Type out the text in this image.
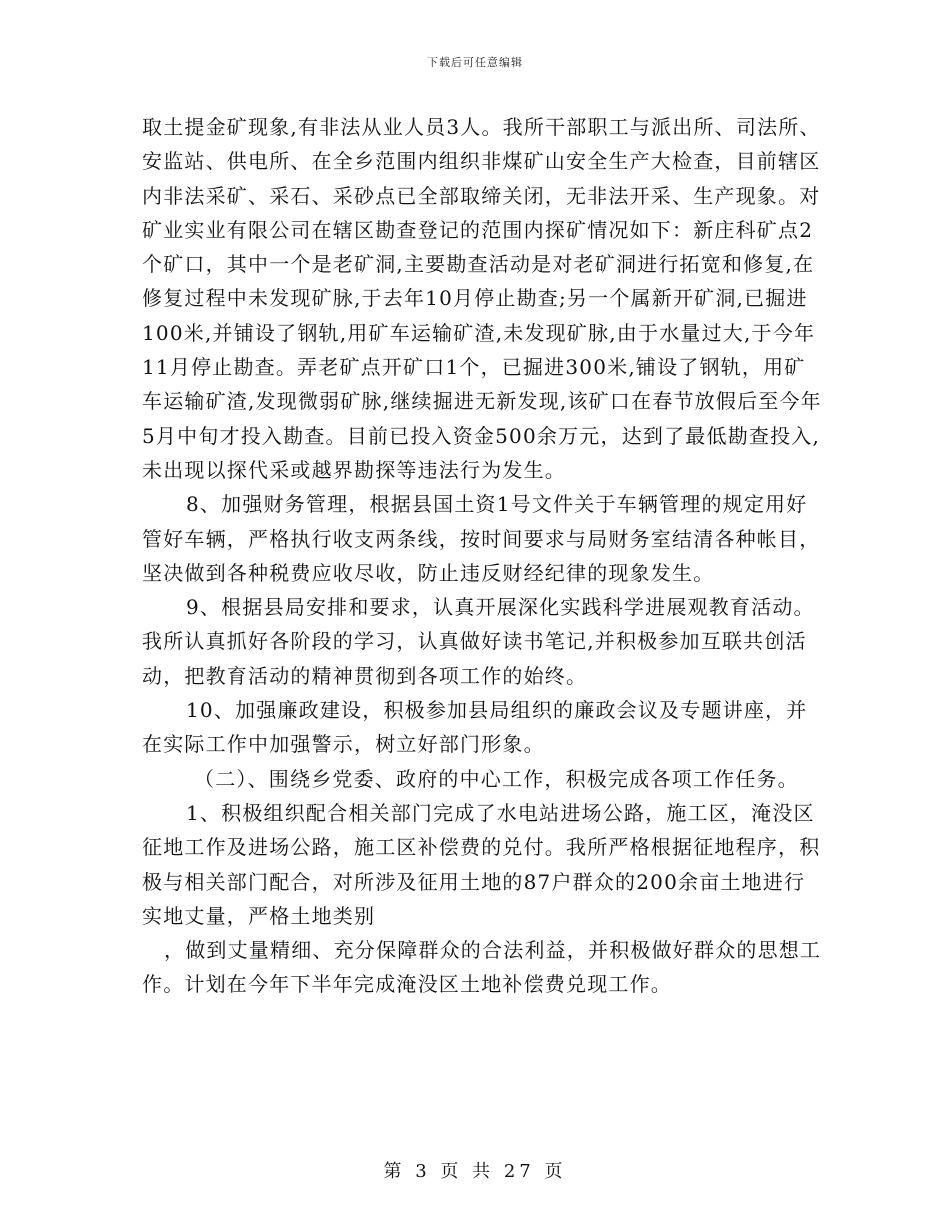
下载后可任意编辑

取土提金矿现象,有非法从业人员3人。我所干部职工与派出所、司法所、安监站、供电所、在全乡范围内组织非煤矿山安全生产大检查，目前辖区内非法采矿、采石、采砂点已全部取缔关闭，无非法开采、生产现象。对矿业实业有限公司在辖区勘查登记的范围内探矿情况如下：新庄科矿点2个矿口，其中一个是老矿洞,主要勘查活动是对老矿洞进行拓宽和修复,在修复过程中未发现矿脉,于去年10月停止勘查;另一个属新开矿洞,已掘进100米,并铺设了钢轨,用矿车运输矿渣,未发现矿脉,由于水量过大,于今年11月停止勘查。弄老矿点开矿口1个，已掘进300米,铺设了钢轨，用矿车运输矿渣,发现微弱矿脉,继续掘进无新发现,该矿口在春节放假后至今年5月中旬才投入勘查。目前已投入资金500余万元，达到了最低勘查投入,未出现以探代采或越界勘探等违法行为发生。

8、加强财务管理，根据县国土资1号文件关于车辆管理的规定用好管好车辆，严格执行收支两条线，按时间要求与局财务室结清各种帐目，坚决做到各种税费应收尽收，防止违反财经纪律的现象发生。

9、根据县局安排和要求，认真开展深化实践科学进展观教育活动。我所认真抓好各阶段的学习，认真做好读书笔记,并积极参加互联共创活动，把教育活动的精神贯彻到各项工作的始终。

10、加强廉政建设，积极参加县局组织的廉政会议及专题讲座，并在实际工作中加强警示，树立好部门形象。

（二）、围绕乡党委、政府的中心工作，积极完成各项工作任务。

1、积极组织配合相关部门完成了水电站进场公路，施工区，淹没区征地工作及进场公路，施工区补偿费的兑付。我所严格根据征地程序，积极与相关部门配合，对所涉及征用土地的87户群众的200余亩土地进行实地丈量，严格土地类别

，做到丈量精细、充分保障群众的合法利益，并积极做好群众的思想工作。计划在今年下半年完成淹没区土地补偿费兑现工作。

第 3 页 共 27 页
